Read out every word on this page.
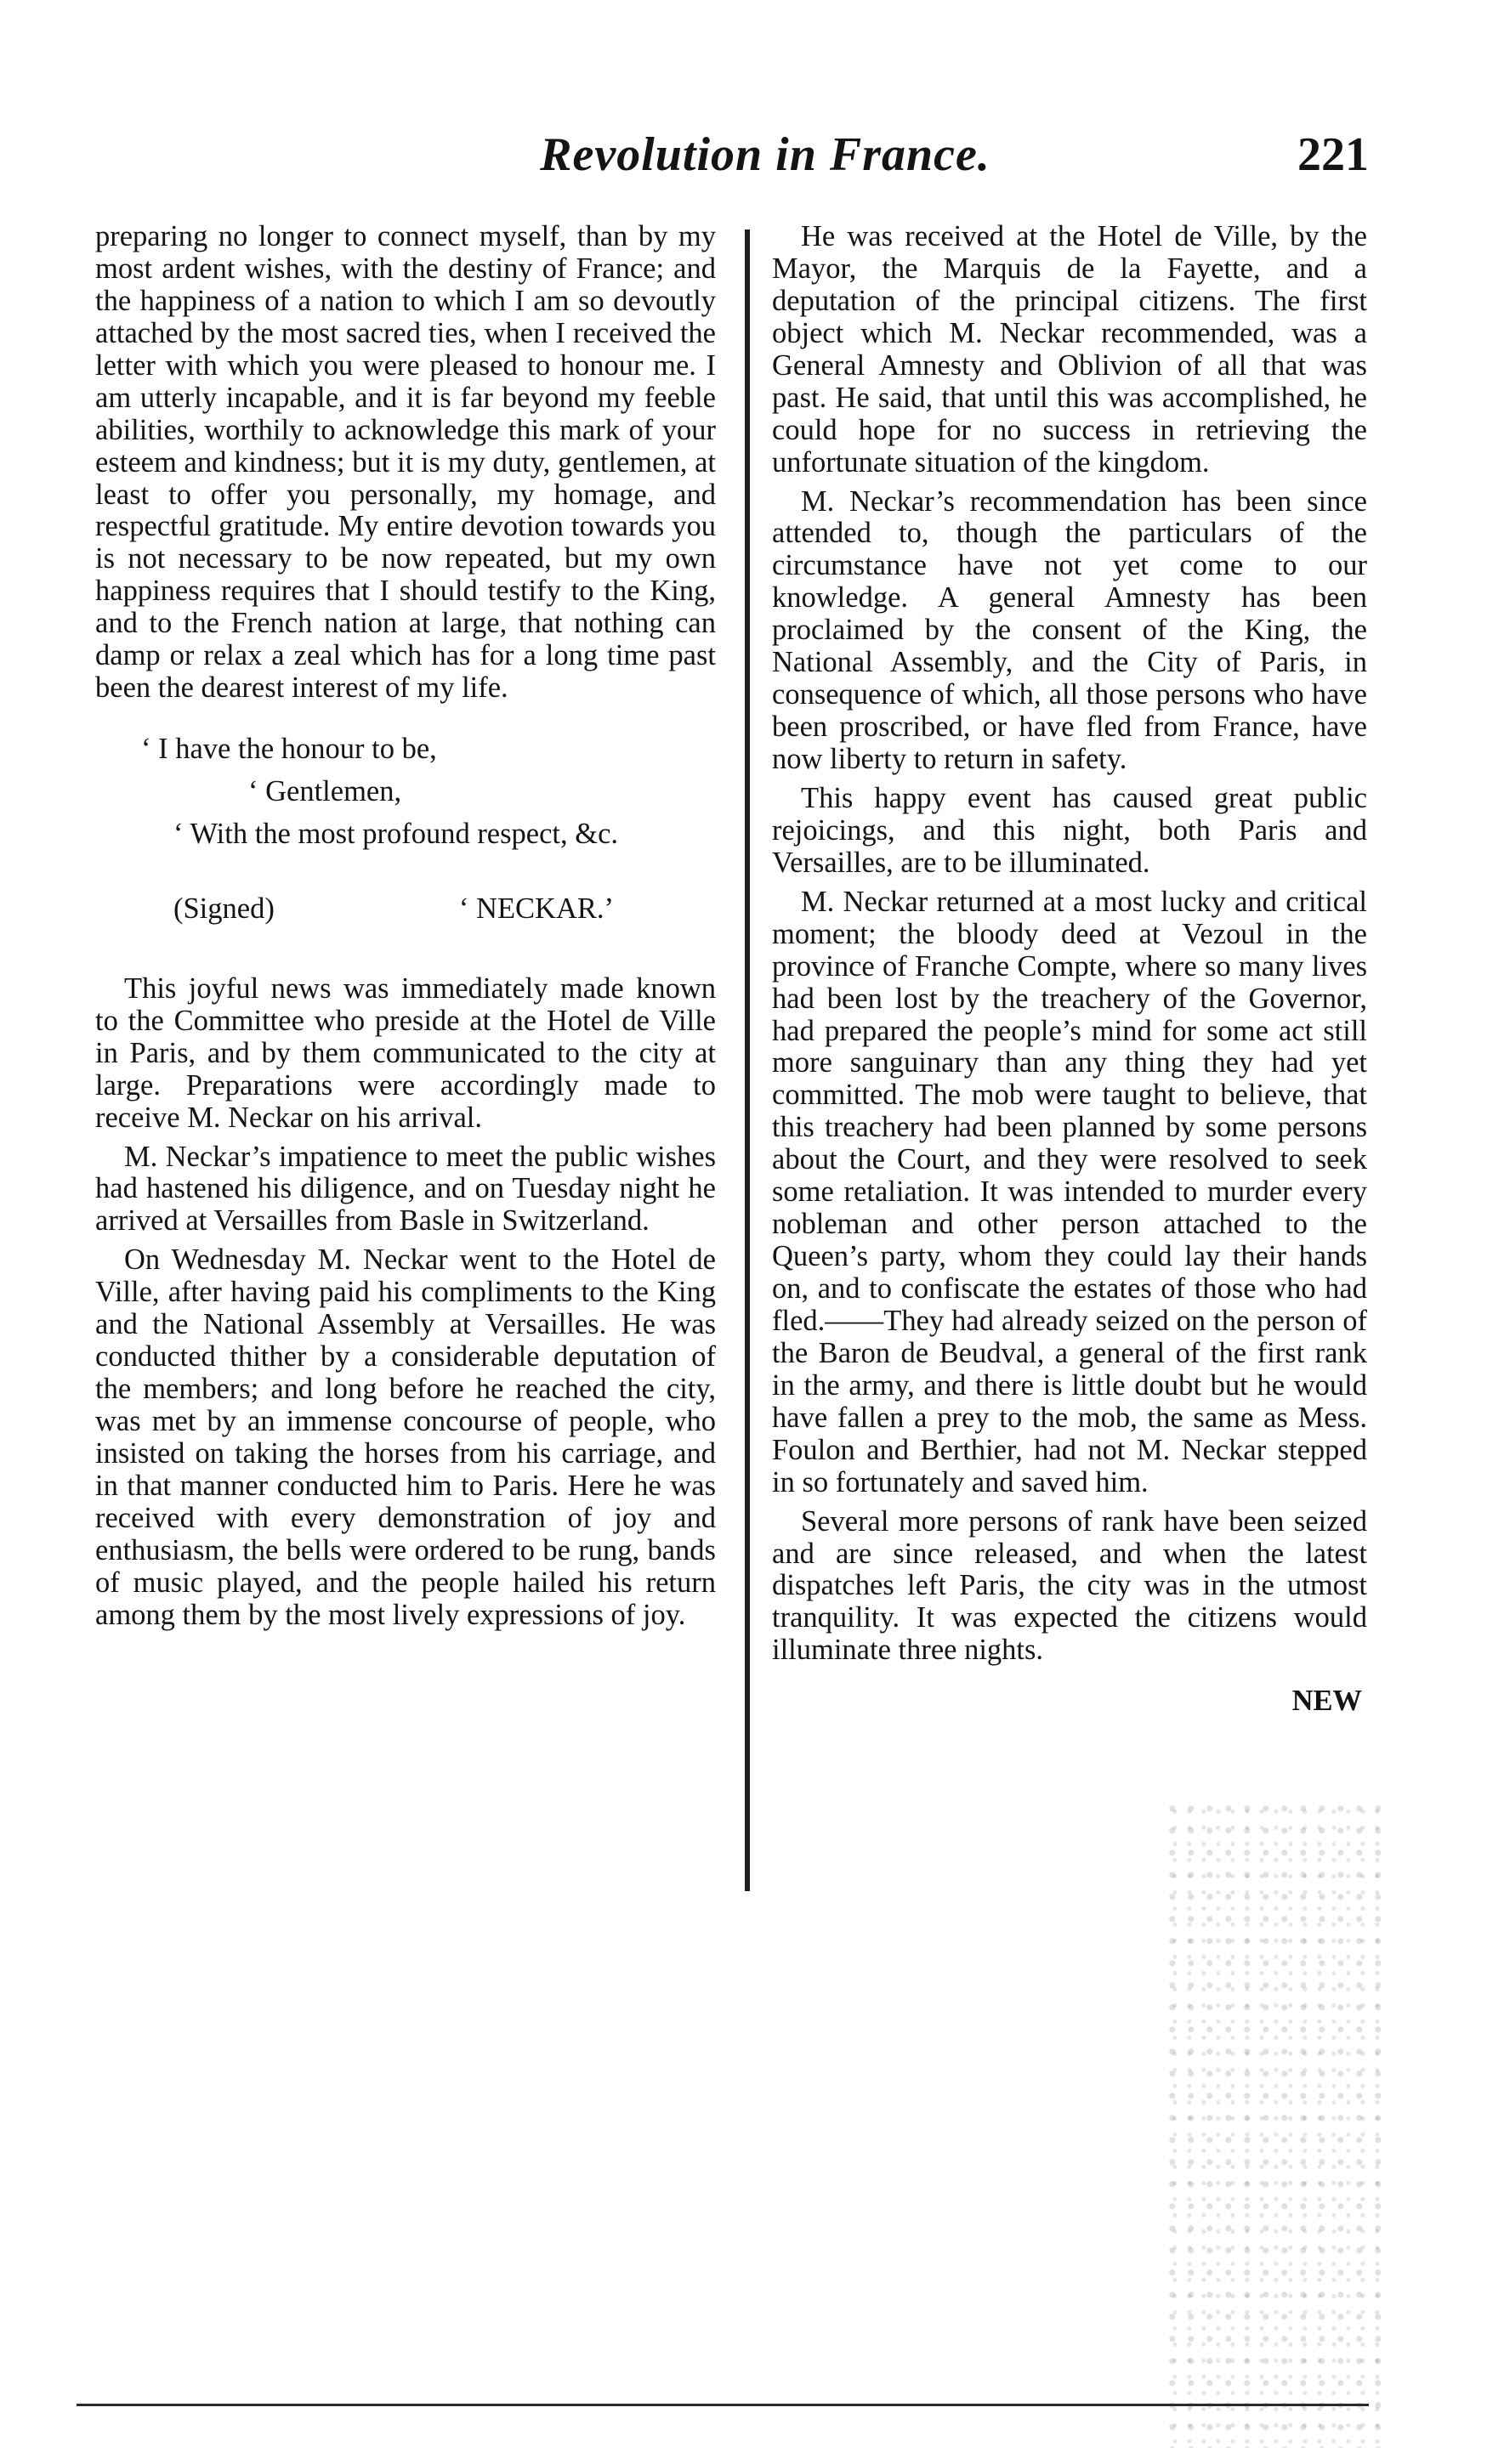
Revolution in France.	221

preparing no longer to connect myself, than by my most ardent wishes, with the destiny of France; and the happiness of a nation to which I am so devoutly attached by the most sacred ties, when I received the letter with which you were pleased to honour me. I am utterly incapable, and it is far beyond my feeble abilities, worthily to acknowledge this mark of your esteem and kindness; but it is my duty, gentlemen, at least to offer you personally, my homage, and respectful gratitude. My entire devotion towards you is not necessary to be now repeated, but my own happiness requires that I should testify to the King, and to the French nation at large, that nothing can damp or relax a zeal which has for a long time past been the dearest interest of my life.

‘ I have the honour to be,
‘ Gentlemen,
‘ With the most profound respect, &c.
(Signed)	‘ NECKAR.’

This joyful news was immediately made known to the Committee who preside at the Hotel de Ville in Paris, and by them communicated to the city at large. Preparations were accordingly made to receive M. Neckar on his arrival.

M. Neckar’s impatience to meet the public wishes had hastened his diligence, and on Tuesday night he arrived at Versailles from Basle in Switzerland.

On Wednesday M. Neckar went to the Hotel de Ville, after having paid his compliments to the King and the National Assembly at Versailles. He was conducted thither by a considerable deputation of the members; and long before he reached the city, was met by an immense concourse of people, who insisted on taking the horses from his carriage, and in that manner conducted him to Paris. Here he was received with every demonstration of joy and enthusiasm, the bells were ordered to be rung, bands of music played, and the people hailed his return among them by the most lively expressions of joy.

He was received at the Hotel de Ville, by the Mayor, the Marquis de la Fayette, and a deputation of the principal citizens. The first object which M. Neckar recommended, was a General Amnesty and Oblivion of all that was past. He said, that until this was accomplished, he could hope for no success in retrieving the unfortunate situation of the kingdom.

M. Neckar’s recommendation has been since attended to, though the particulars of the circumstance have not yet come to our knowledge. A general Amnesty has been proclaimed by the consent of the King, the National Assembly, and the City of Paris, in consequence of which, all those persons who have been proscribed, or have fled from France, have now liberty to return in safety.

This happy event has caused great public rejoicings, and this night, both Paris and Versailles, are to be illuminated.

M. Neckar returned at a most lucky and critical moment; the bloody deed at Vezoul in the province of Franche Compte, where so many lives had been lost by the treachery of the Governor, had prepared the people’s mind for some act still more sanguinary than any thing they had yet committed. The mob were taught to believe, that this treachery had been planned by some persons about the Court, and they were resolved to seek some retaliation. It was intended to murder every nobleman and other person attached to the Queen’s party, whom they could lay their hands on, and to confiscate the estates of those who had fled.——They had already seized on the person of the Baron de Beudval, a general of the first rank in the army, and there is little doubt but he would have fallen a prey to the mob, the same as Mess. Foulon and Berthier, had not M. Neckar stepped in so fortunately and saved him.

Several more persons of rank have been seized and are since released, and when the latest dispatches left Paris, the city was in the utmost tranquility. It was expected the citizens would illuminate three nights.

NEW
